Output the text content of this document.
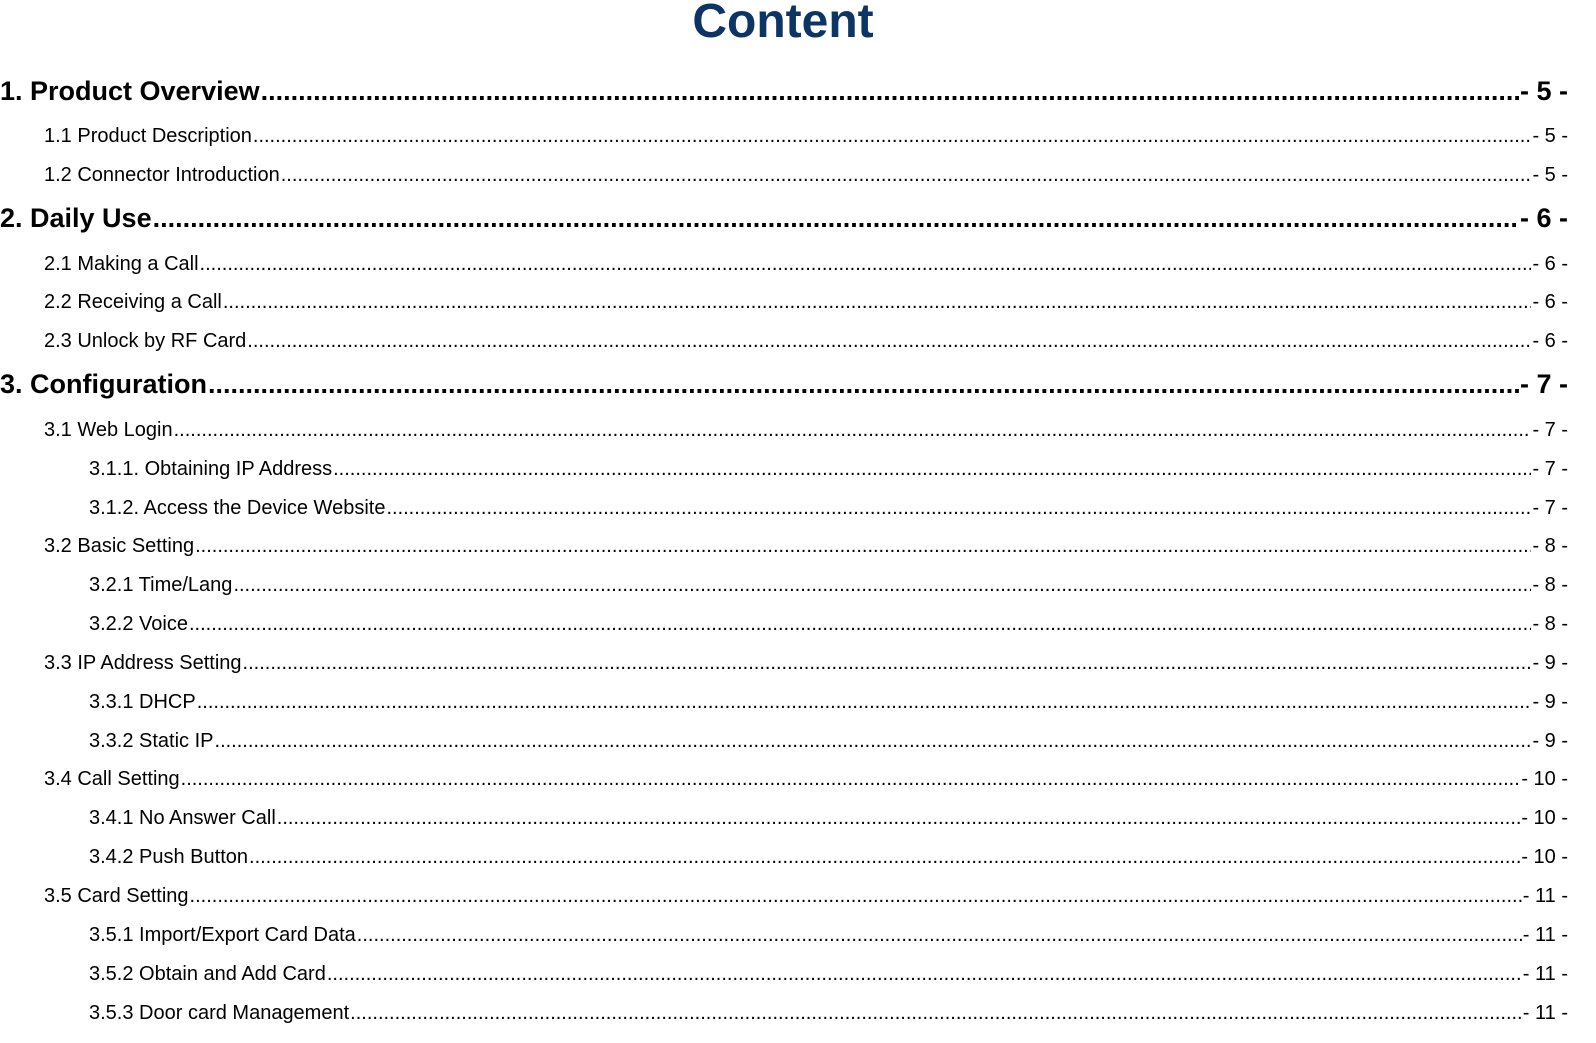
Content
1. Product Overview .....	- 5 -
1.1 Product Description .....	- 5 -
1.2 Connector Introduction .....	- 5 -
2. Daily Use .....	- 6 -
2.1 Making a Call .....	- 6 -
2.2 Receiving a Call .....	- 6 -
2.3 Unlock by RF Card .....	- 6 -
3. Configuration .....	- 7 -
3.1 Web Login .....	- 7 -
3.1.1. Obtaining IP Address .....	- 7 -
3.1.2. Access the Device Website .....	- 7 -
3.2 Basic Setting .....	- 8 -
3.2.1 Time/Lang .....	- 8 -
3.2.2 Voice .....	- 8 -
3.3 IP Address Setting .....	- 9 -
3.3.1 DHCP .....	- 9 -
3.3.2 Static IP .....	- 9 -
3.4 Call Setting .....	- 10 -
3.4.1 No Answer Call .....	- 10 -
3.4.2 Push Button .....	- 10 -
3.5 Card Setting .....	- 11 -
3.5.1 Import/Export Card Data .....	- 11 -
3.5.2 Obtain and Add Card .....	- 11 -
3.5.3 Door card Management .....	- 11 -
